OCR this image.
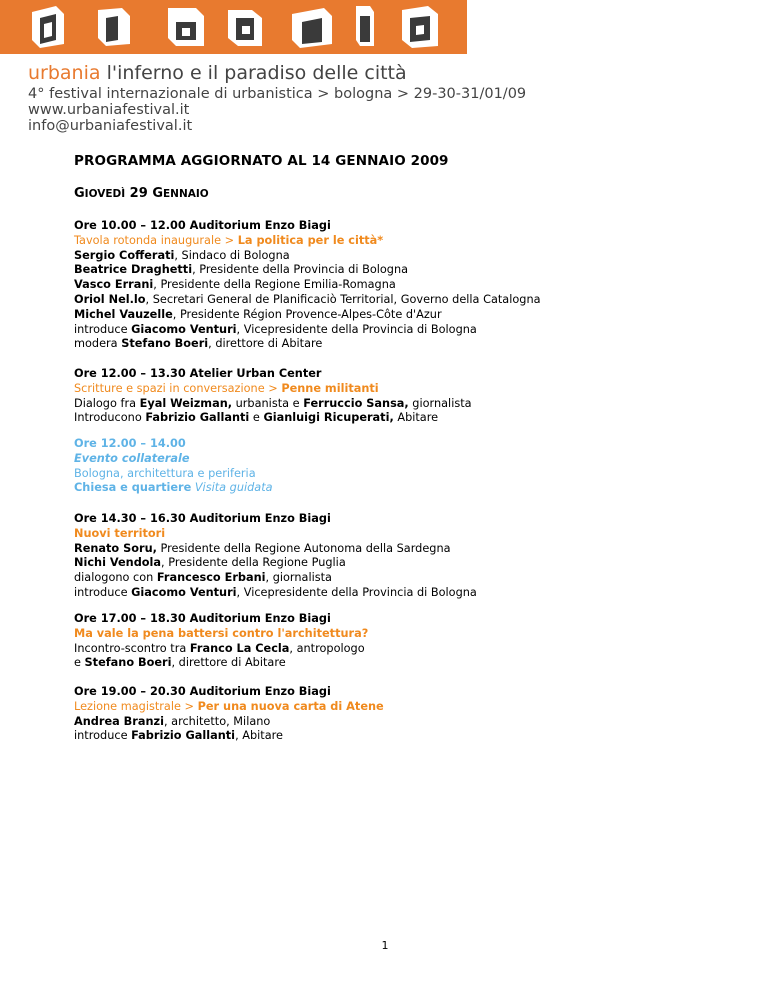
urbania l'inferno e il paradiso delle città
4° festival internazionale di urbanistica > bologna > 29-30-31/01/09
www.urbaniafestival.it
info@urbaniafestival.it
PROGRAMMA AGGIORNATO AL 14 GENNAIO 2009
GIOVEDÌ 29 GENNAIO

Ore 10.00 – 12.00 Auditorium Enzo Biagi

Tavola rotonda inaugurale > La politica per le città*

Sergio Cofferati, Sindaco di Bologna

Beatrice Draghetti, Presidente della Provincia di Bologna

Vasco Errani, Presidente della Regione Emilia-Romagna

Oriol Nel.lo, Secretari General de Planificaciò Territorial, Governo della Catalogna

Michel Vauzelle, Presidente Région Provence-Alpes-Côte d'Azur

introduce Giacomo Venturi, Vicepresidente della Provincia di Bologna

modera Stefano Boeri, direttore di Abitare

Ore 12.00 – 13.30 Atelier Urban Center

Scritture e spazi in conversazione > Penne militanti

Dialogo fra Eyal Weizman, urbanista e Ferruccio Sansa, giornalista

Introducono Fabrizio Gallanti e Gianluigi Ricuperati, Abitare

Ore 12.00 – 14.00

Evento collaterale

Bologna, architettura e periferia

Chiesa e quartiere Visita guidata

Ore 14.30 – 16.30 Auditorium Enzo Biagi

Nuovi territori

Renato Soru, Presidente della Regione Autonoma della Sardegna

Nichi Vendola, Presidente della Regione Puglia

dialogono con Francesco Erbani, giornalista

introduce Giacomo Venturi, Vicepresidente della Provincia di Bologna

Ore 17.00 – 18.30 Auditorium Enzo Biagi

Ma vale la pena battersi contro l'architettura?

Incontro-scontro tra Franco La Cecla, antropologo

e Stefano Boeri, direttore di Abitare

Ore 19.00 – 20.30 Auditorium Enzo Biagi

Lezione magistrale > Per una nuova carta di Atene

Andrea Branzi, architetto, Milano

introduce Fabrizio Gallanti, Abitare

1
